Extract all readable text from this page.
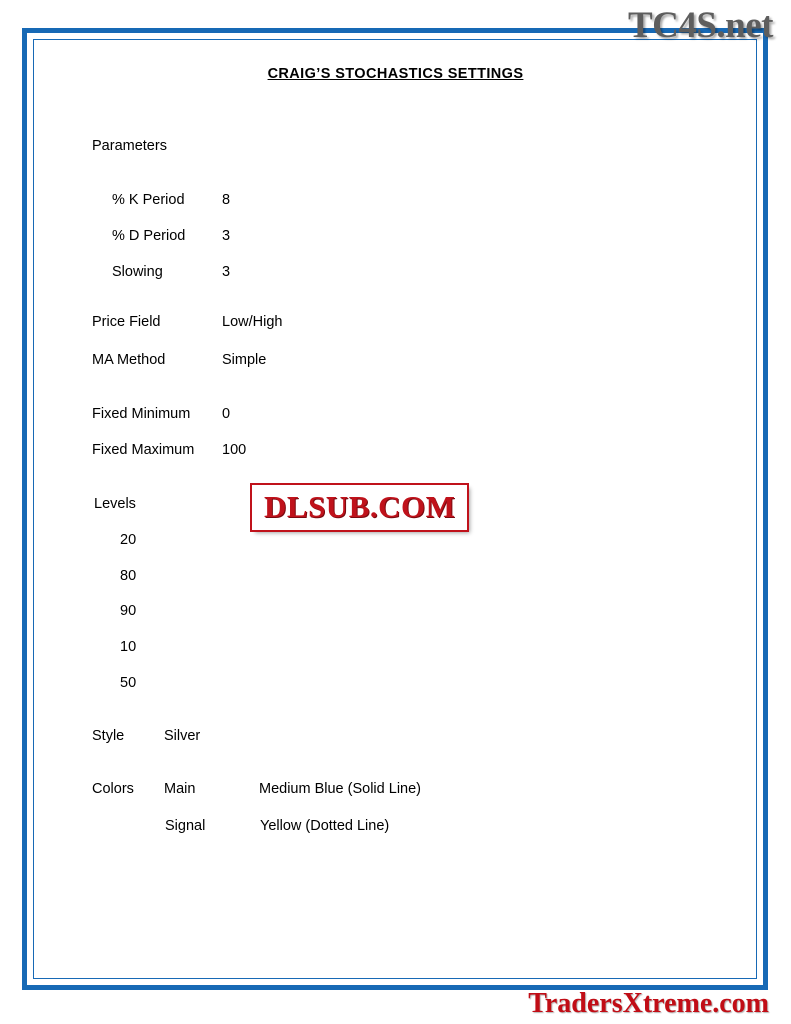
TC4S.net
CRAIG’S STOCHASTICS SETTINGS
Parameters
% K Period	8
% D Period	3
Slowing	3
Price Field	Low/High
MA Method	Simple
Fixed Minimum 0
Fixed Maximum 100
Levels
20
80
90
10
50
Style	Silver
Colors Main	Medium Blue (Solid Line)
Signal	Yellow (Dotted Line)
DLSUB.COM
TradersXtreme.com
